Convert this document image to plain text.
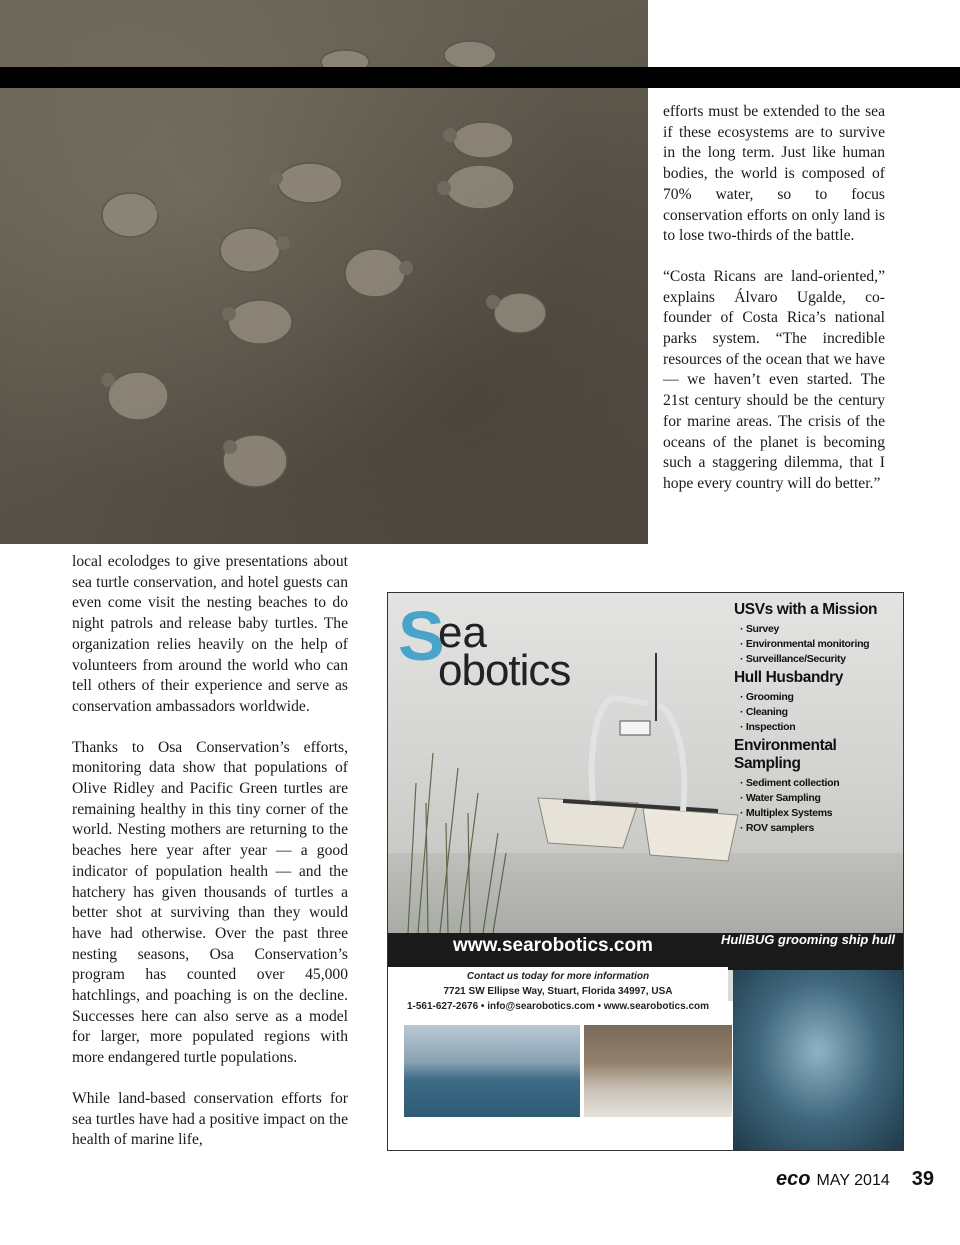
efforts must be extended to the sea if these ecosystems are to survive in the long term. Just like human bodies, the world is composed of 70% water, so to focus conservation efforts on only land is to lose two-thirds of the battle.

“Costa Ricans are land-oriented,” explains Álvaro Ugalde, co-founder of Costa Rica’s national parks system. “The incredible resources of the ocean that we have — we haven’t even started. The 21st century should be the century for marine areas. The crisis of the oceans of the planet is becoming such a staggering dilemma, that I hope every country will do better.”

local ecolodges to give presentations about sea turtle conservation, and hotel guests can even come visit the nesting beaches to do night patrols and release baby turtles. The organization relies heavily on the help of volunteers from around the world who can tell others of their experience and serve as conservation ambassadors worldwide.

Thanks to Osa Conservation’s efforts, monitoring data show that populations of Olive Ridley and Pacific Green turtles are remaining healthy in this tiny corner of the world. Nesting mothers are returning to the beaches here year after year — a good indicator of population health — and the hatchery has given thousands of turtles a better shot at surviving than they would have had otherwise. Over the past three nesting seasons, Osa Conservation’s program has counted over 45,000 hatchlings, and poaching is on the decline. Successes here can also serve as a model for larger, more populated regions with more endangered turtle populations.

While land-based conservation efforts for sea turtles have had a positive impact on the health of marine life,

S
ea
obotics
USVs with a Mission
· Survey
· Environmental monitoring
· Surveillance/Security
Hull Husbandry
· Grooming
· Cleaning
· Inspection
Environmental Sampling
· Sediment collection
· Water Sampling
· Multiplex Systems
· ROV samplers
www.searobotics.com
Contact us today for more information
7721 SW Ellipse Way, Stuart, Florida 34997, USA
1-561-627-2676 • info@searobotics.com • www.searobotics.com
HullBUG grooming ship hull
eco MAY 2014 39
